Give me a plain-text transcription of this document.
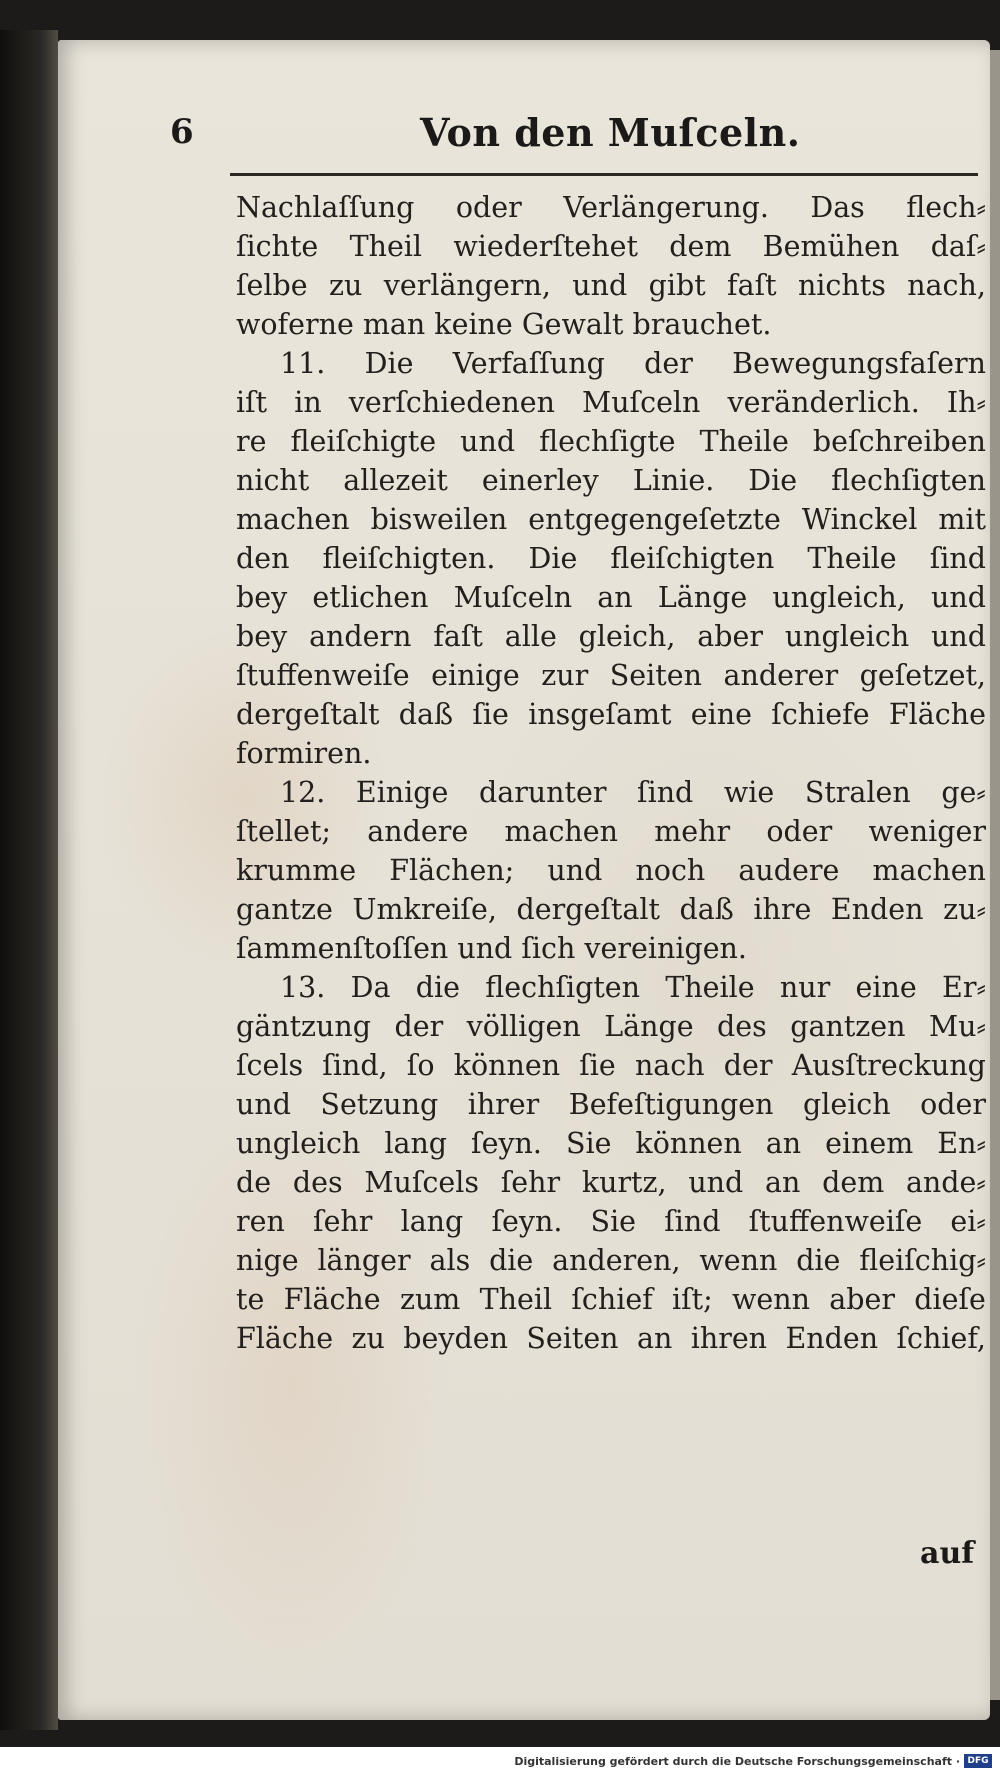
6	Von den Muſceln.
Nachlaſſung oder Verlängerung. Das flech⸗
ſichte Theil wiederſtehet dem Bemühen daſ⸗
ſelbe zu verlängern, und gibt faſt nichts nach,
woferne man keine Gewalt brauchet.
11. Die Verfaſſung der Bewegungsfaſern
iſt in verſchiedenen Muſceln veränderlich. Ih⸗
re fleiſchigte und flechſigte Theile beſchreiben
nicht allezeit einerley Linie. Die flechſigten
machen bisweilen entgegengeſetzte Winckel mit
den fleiſchigten. Die fleiſchigten Theile ſind
bey etlichen Muſceln an Länge ungleich, und
bey andern faſt alle gleich, aber ungleich und
ſtuffenweiſe einige zur Seiten anderer geſetzet,
dergeſtalt daß ſie insgeſamt eine ſchiefe Fläche
formiren.
12. Einige darunter ſind wie Stralen ge⸗
ſtellet; andere machen mehr oder weniger
krumme Flächen; und noch audere machen
gantze Umkreiſe, dergeſtalt daß ihre Enden zu⸗
ſammenſtoſſen und ſich vereinigen.
13. Da die flechſigten Theile nur eine Er⸗
gäntzung der völligen Länge des gantzen Mu⸗
ſcels ſind, ſo können ſie nach der Ausſtreckung
und Setzung ihrer Befeſtigungen gleich oder
ungleich lang ſeyn. Sie können an einem En⸗
de des Muſcels ſehr kurtz, und an dem ande⸗
ren ſehr lang ſeyn. Sie ſind ſtuffenweiſe ei⸗
nige länger als die anderen, wenn die fleiſchig⸗
te Fläche zum Theil ſchief iſt; wenn aber dieſe
Fläche zu beyden Seiten an ihren Enden ſchief,
auf
Digitalisierung gefördert durch die Deutsche Forschungsgemeinschaft · DFG
